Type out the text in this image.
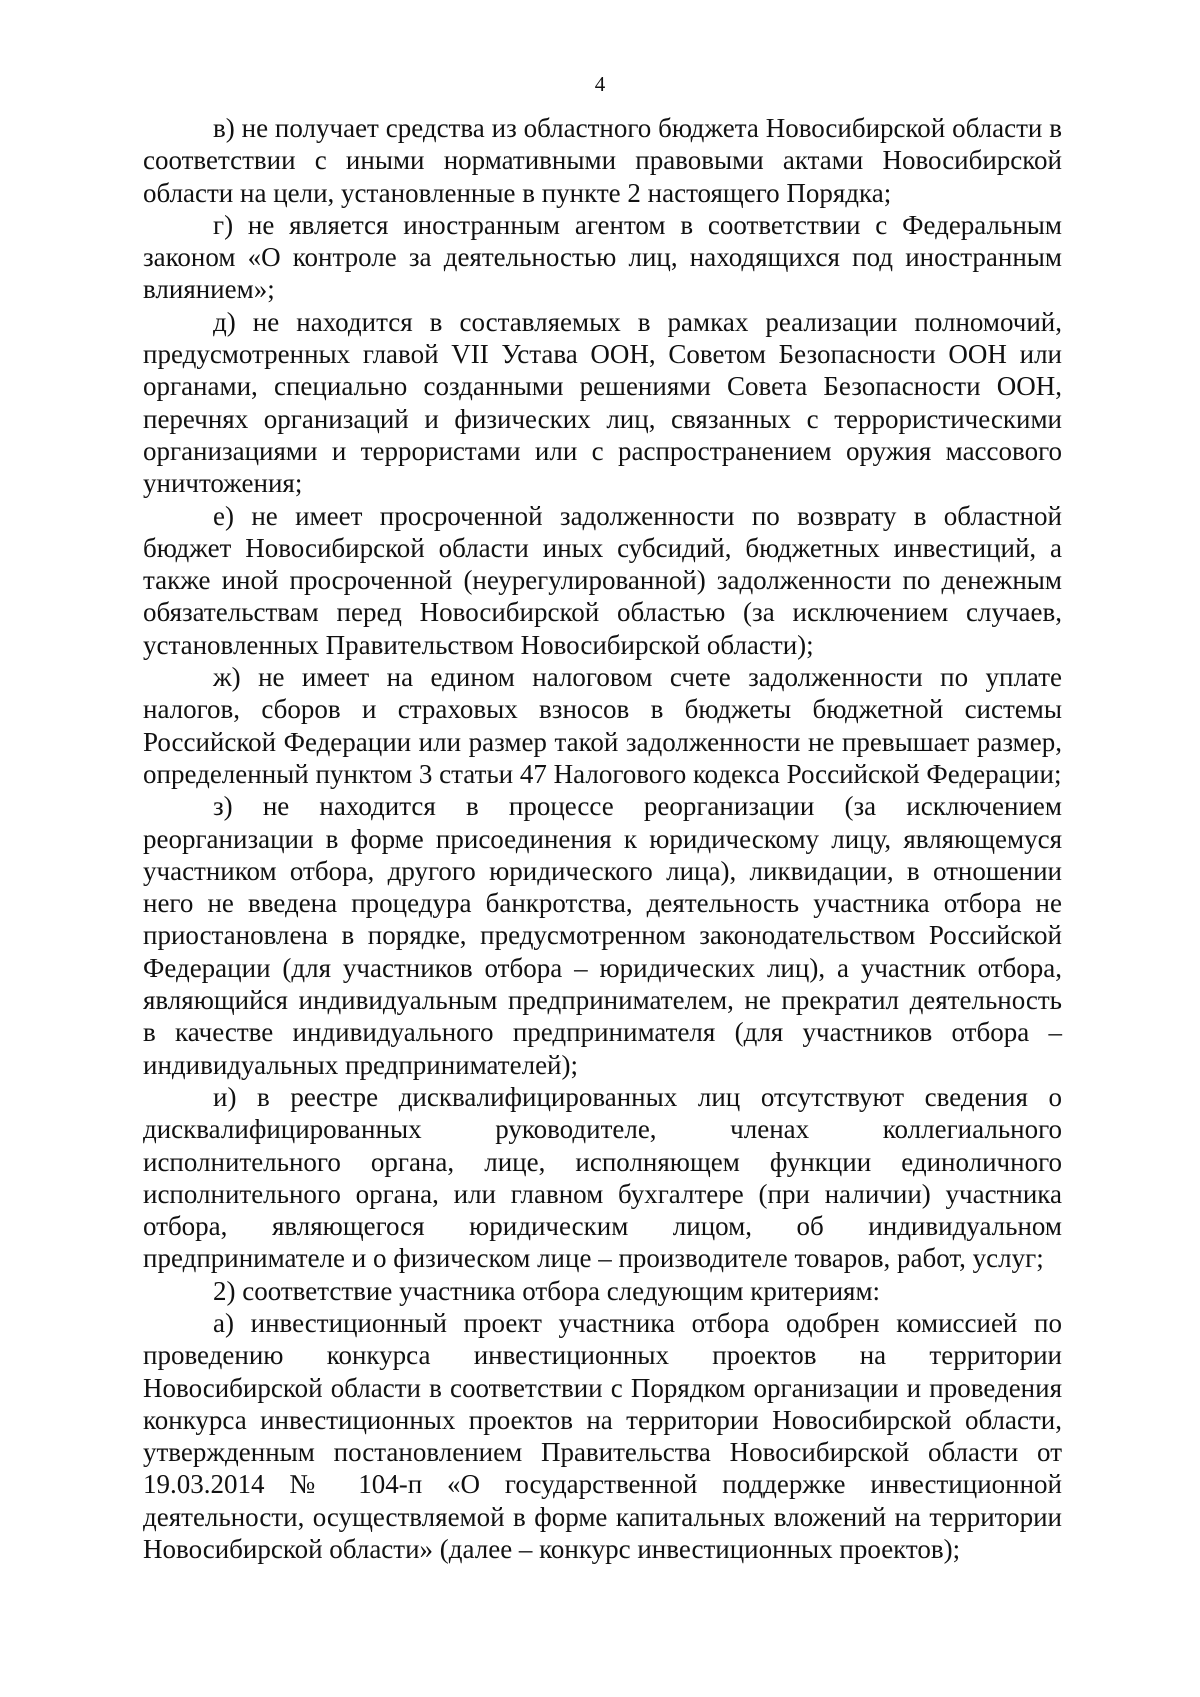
4

в) не получает средства из областного бюджета Новосибирской области в соответствии с иными нормативными правовыми актами Новосибирской области на цели, установленные в пункте 2 настоящего Порядка;

г) не является иностранным агентом в соответствии с Федеральным законом «О контроле за деятельностью лиц, находящихся под иностранным влиянием»;

д) не находится в составляемых в рамках реализации полномочий, предусмотренных главой VII Устава ООН, Советом Безопасности ООН или органами, специально созданными решениями Совета Безопасности ООН, перечнях организаций и физических лиц, связанных с террористическими организациями и террористами или с распространением оружия массового уничтожения;

е) не имеет просроченной задолженности по возврату в областной бюджет Новосибирской области иных субсидий, бюджетных инвестиций, а также иной просроченной (неурегулированной) задолженности по денежным обязательствам перед Новосибирской областью (за исключением случаев, установленных Правительством Новосибирской области);

ж) не имеет на едином налоговом счете задолженности по уплате налогов, сборов и страховых взносов в бюджеты бюджетной системы Российской Федерации или размер такой задолженности не превышает размер, определенный пунктом 3 статьи 47 Налогового кодекса Российской Федерации;

з) не находится в процессе реорганизации (за исключением реорганизации в форме присоединения к юридическому лицу, являющемуся участником отбора, другого юридического лица), ликвидации, в отношении него не введена процедура банкротства, деятельность участника отбора не приостановлена в порядке, предусмотренном законодательством Российской Федерации (для участников отбора – юридических лиц), а участник отбора, являющийся индивидуальным предпринимателем, не прекратил деятельность в качестве индивидуального предпринимателя (для участников отбора – индивидуальных предпринимателей);

и) в реестре дисквалифицированных лиц отсутствуют сведения о дисквалифицированных руководителе, членах коллегиального исполнительного органа, лице, исполняющем функции единоличного исполнительного органа, или главном бухгалтере (при наличии) участника отбора, являющегося юридическим лицом, об индивидуальном предпринимателе и о физическом лице – производителе товаров, работ, услуг;

2) соответствие участника отбора следующим критериям:

а) инвестиционный проект участника отбора одобрен комиссией по проведению конкурса инвестиционных проектов на территории Новосибирской области в соответствии с Порядком организации и проведения конкурса инвестиционных проектов на территории Новосибирской области, утвержденным постановлением Правительства Новосибирской области от 19.03.2014 № 104-п «О государственной поддержке инвестиционной деятельности, осуществляемой в форме капитальных вложений на территории Новосибирской области» (далее – конкурс инвестиционных проектов);
